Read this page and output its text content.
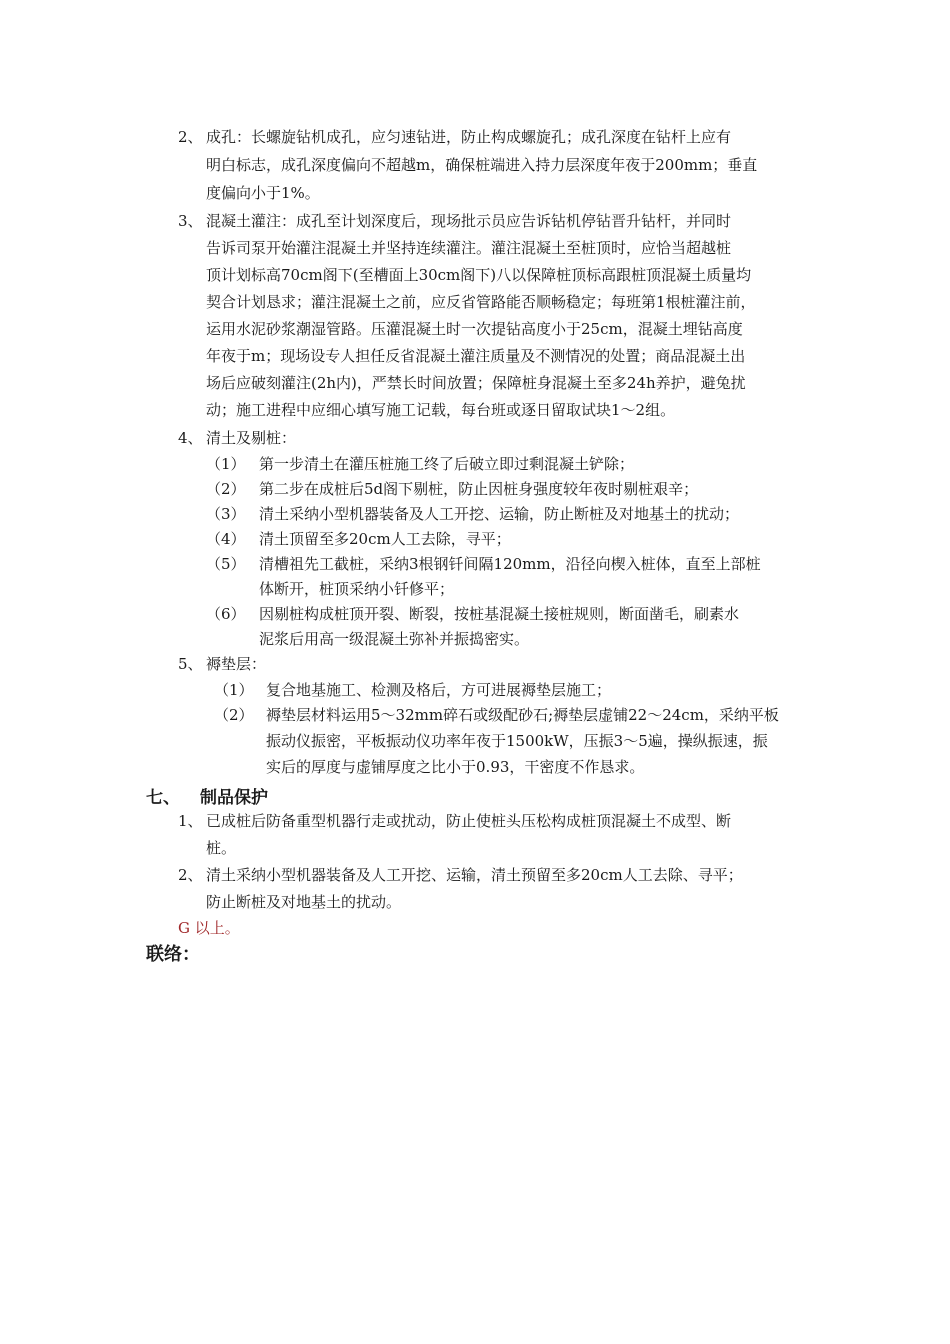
2、 成孔：长螺旋钻机成孔，应匀速钻进，防止构成螺旋孔；成孔深度在钻杆上应有
明白标志，成孔深度偏向不超越m，确保桩端进入持力层深度年夜于200mm；垂直
度偏向小于1%。
3、 混凝土灌注：成孔至计划深度后，现场批示员应告诉钻机停钻晋升钻杆，并同时
告诉司泵开始灌注混凝土并坚持连续灌注。灌注混凝土至桩顶时，应恰当超越桩
顶计划标高70cm阁下(至槽面上30cm阁下)八以保障桩顶标高跟桩顶混凝土质量均
契合计划恳求；灌注混凝土之前，应反省管路能否顺畅稳定；每班第1根桩灌注前，
运用水泥砂浆潮湿管路。压灌混凝土时一次提钻高度小于25cm，混凝土埋钻高度
年夜于m；现场设专人担任反省混凝土灌注质量及不测情况的处置；商品混凝土出
场后应破刻灌注(2h内)，严禁长时间放置；保障桩身混凝土至多24h养护，避兔扰
动；施工进程中应细心填写施工记载，每台班或逐日留取试块1～2组。
4、 清土及剔桩：
（1） 第一步清土在灌压桩施工终了后破立即过剩混凝土铲除；
（2） 第二步在成桩后5d阁下剔桩，防止因桩身强度较年夜时剔桩艰辛；
（3） 清土采纳小型机器装备及人工开挖、运输，防止断桩及对地基土的扰动；
（4） 清土顶留至多20cm人工去除，寻平；
（5） 清槽祖先工截桩，采纳3根钢钎间隔120mm，沿径向楔入桩体，直至上部桩
体断开，桩顶采纳小钎修平；
（6） 因剔桩构成桩顶开裂、断裂，按桩基混凝土接桩规则，断面凿毛，刷素水
泥浆后用高一级混凝土弥补并振捣密实。
5、 褥垫层：
（1） 复合地基施工、检测及格后，方可进展褥垫层施工；
（2） 褥垫层材料运用5～32mm碎石或级配砂石;褥垫层虚铺22～24cm，采纳平板
振动仪振密，平板振动仪功率年夜于1500kW，压振3～5遍，操纵振速，振
实后的厚度与虚铺厚度之比小于0.93，干密度不作恳求。
七、 制品保护
1、 已成桩后防备重型机器行走或扰动，防止使桩头压松构成桩顶混凝土不成型、断
桩。
2、 清土采纳小型机器装备及人工开挖、运输，清土预留至多20cm人工去除、寻平；
防止断桩及对地基土的扰动。
G 以上。
联络：
